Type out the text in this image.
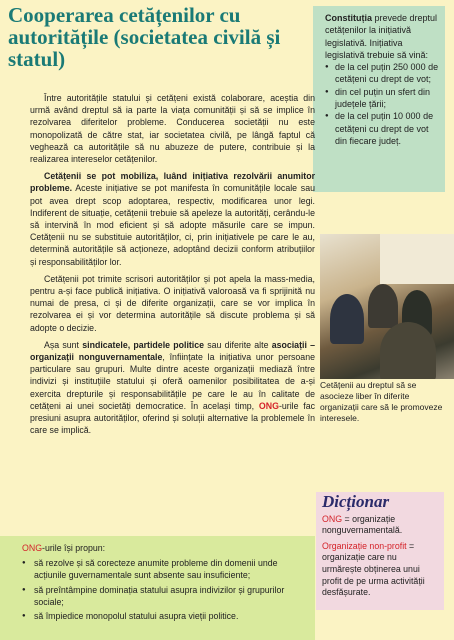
Cooperarea cetățenilor cu autoritățile (societatea civilă și statul)
Constituția prevede dreptul cetățenilor la inițiativă legislativă. Inițiativa legislativă trebuie să vină:
● de la cel puțin 250 000 de cetățeni cu drept de vot;
● din cel puțin un sfert din județele țării;
● de la cel puțin 10 000 de cetățeni cu drept de vot din fiecare județ.

Între autoritățile statului și cetățeni există colaborare, aceștia din urmă având dreptul să ia parte la viața comunității și să se implice în rezolvarea diferitelor probleme. Conducerea societății nu este monopolizată de către stat, iar societatea civilă, pe lângă faptul că veghează ca autoritățile să nu abuzeze de putere, contribuie și la realizarea intereselor cetățenilor.

Cetățenii se pot mobiliza, luând inițiativa rezolvării anumitor probleme. Aceste inițiative se pot manifesta în comunitățile locale sau pot avea drept scop adoptarea, respectiv, modificarea unor legi. Indiferent de situație, cetățenii trebuie să apeleze la autorități, cerându-le să intervină în mod eficient și să adopte măsurile care se impun. Cetățenii nu se substituie autorităților, ci, prin inițiativele pe care le au, determină autoritățile să acționeze, adoptând decizii conform atribuțiilor și responsabilităților lor.

Cetățenii pot trimite scrisori autorităților și pot apela la mass-media, pentru a-și face publică inițiativa. O inițiativă valoroasă va fi sprijinită nu numai de presa, ci și de diferite organizații, care se vor implica în rezolvarea ei și vor determina autoritățile să discute problema și să adopte o decizie.

Așa sunt sindicatele, partidele politice sau diferite alte asociații – organizații nonguvernamentale, înființate la inițiativa unor persoane particulare sau grupuri. Multe dintre aceste organizații mediază între indivizi și instituțiile statului și oferă oamenilor posibilitatea de a-și exercita drepturile și responsabilitățile pe care le au în calitate de cetățeni ai unei societăți democratice. În același timp, ONG-urile fac presiuni asupra autorităților, oferind și soluții alternative la problemele în care se implică.

Cetățenii au dreptul să se asocieze liber în diferite organizații care să le promoveze interesele.
Dicționar

ONG = organizație nonguvernamentală.

Organizație non-profit = organizație care nu urmărește obținerea unui profit de pe urma activității desfășurate.

ONG-urile își propun:
● să rezolve și să corecteze anumite probleme din domenii unde acțiunile guvernamentale sunt absente sau insuficiente;
● să preîntâmpine dominația statului asupra indivizilor și grupurilor sociale;
● să împiedice monopolul statului asupra vieții politice.
